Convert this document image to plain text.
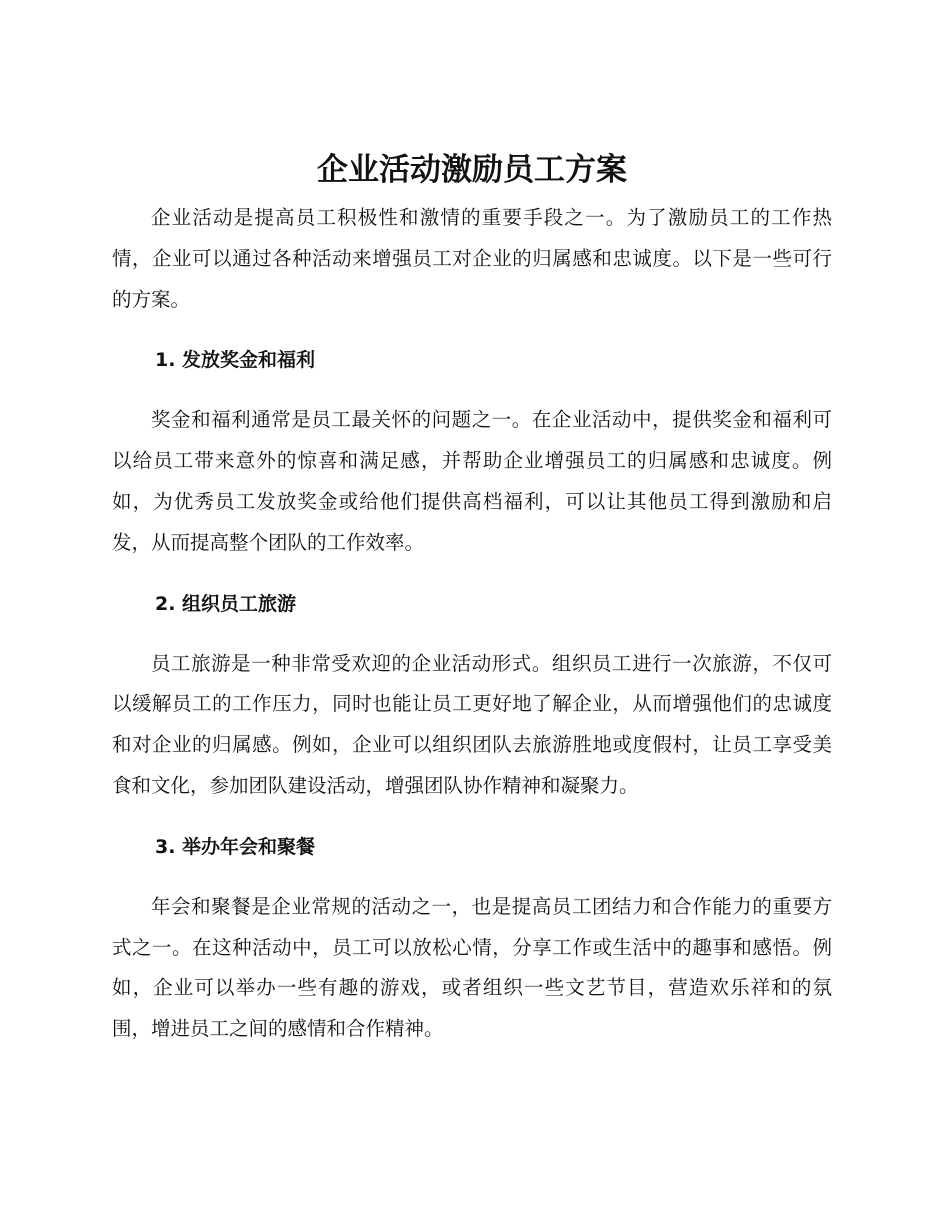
企业活动激励员工方案

企业活动是提高员工积极性和激情的重要手段之一。为了激励员工的工作热情，企业可以通过各种活动来增强员工对企业的归属感和忠诚度。以下是一些可行的方案。

1. 发放奖金和福利

奖金和福利通常是员工最关怀的问题之一。在企业活动中，提供奖金和福利可以给员工带来意外的惊喜和满足感，并帮助企业增强员工的归属感和忠诚度。例如，为优秀员工发放奖金或给他们提供高档福利，可以让其他员工得到激励和启发，从而提高整个团队的工作效率。

2. 组织员工旅游

员工旅游是一种非常受欢迎的企业活动形式。组织员工进行一次旅游，不仅可以缓解员工的工作压力，同时也能让员工更好地了解企业，从而增强他们的忠诚度和对企业的归属感。例如，企业可以组织团队去旅游胜地或度假村，让员工享受美食和文化，参加团队建设活动，增强团队协作精神和凝聚力。

3. 举办年会和聚餐

年会和聚餐是企业常规的活动之一，也是提高员工团结力和合作能力的重要方式之一。在这种活动中，员工可以放松心情，分享工作或生活中的趣事和感悟。例如，企业可以举办一些有趣的游戏，或者组织一些文艺节目，营造欢乐祥和的氛围，增进员工之间的感情和合作精神。
